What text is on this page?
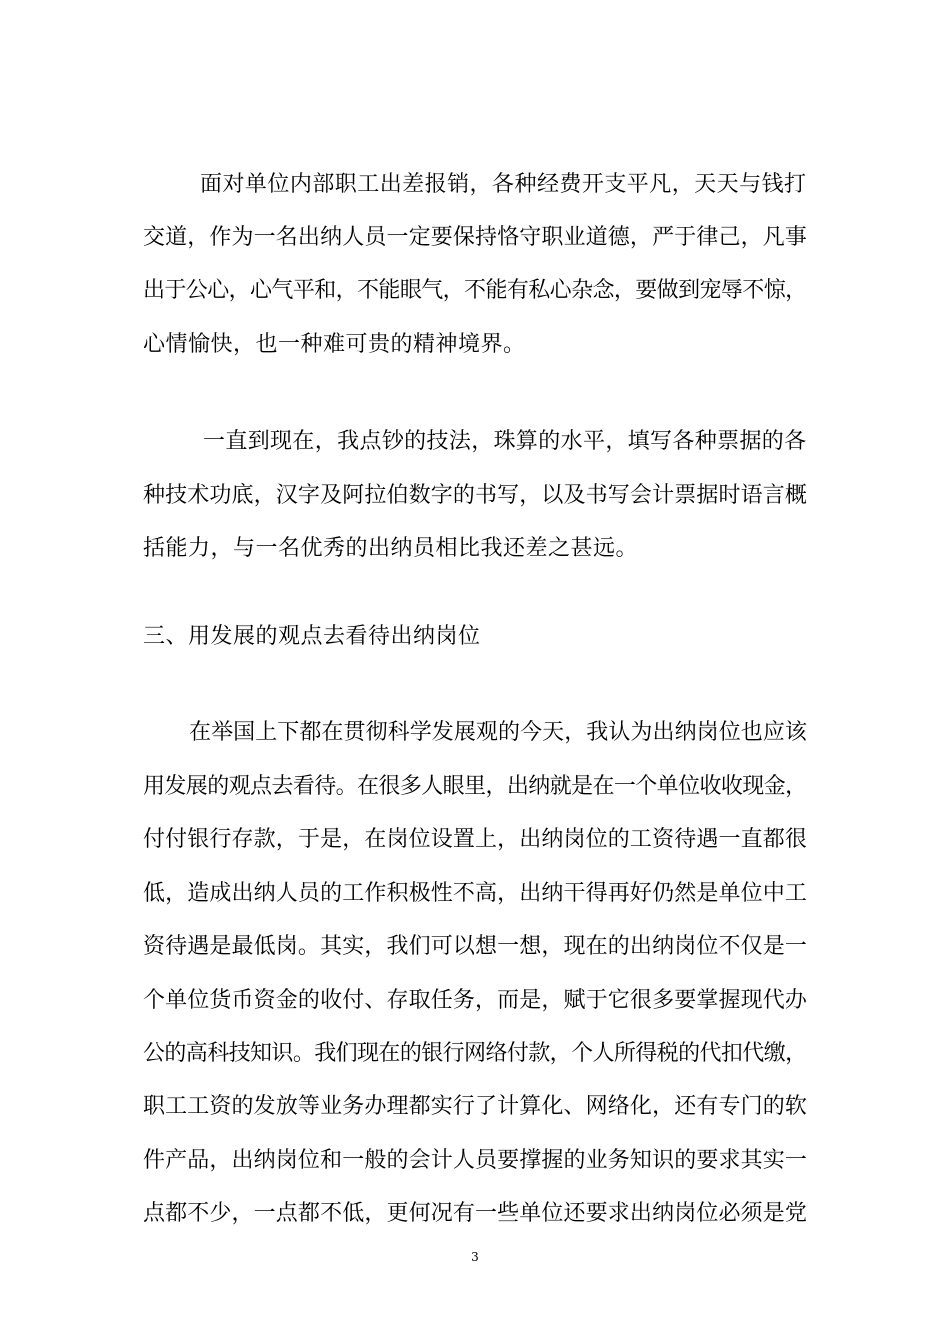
面对单位内部职工出差报销，各种经费开支平凡，天天与钱打
交道，作为一名出纳人员一定要保持恪守职业道德，严于律己，凡事
出于公心，心气平和，不能眼气，不能有私心杂念，要做到宠辱不惊，
心情愉快，也一种难可贵的精神境界。
一直到现在，我点钞的技法，珠算的水平，填写各种票据的各
种技术功底，汉字及阿拉伯数字的书写，以及书写会计票据时语言概
括能力，与一名优秀的出纳员相比我还差之甚远。
三、用发展的观点去看待出纳岗位
在举国上下都在贯彻科学发展观的今天，我认为出纳岗位也应该
用发展的观点去看待。在很多人眼里，出纳就是在一个单位收收现金，
付付银行存款，于是，在岗位设置上，出纳岗位的工资待遇一直都很
低，造成出纳人员的工作积极性不高，出纳干得再好仍然是单位中工
资待遇是最低岗。其实，我们可以想一想，现在的出纳岗位不仅是一
个单位货币资金的收付、存取任务，而是，赋于它很多要掌握现代办
公的高科技知识。我们现在的银行网络付款，个人所得税的代扣代缴，
职工工资的发放等业务办理都实行了计算化、网络化，还有专门的软
件产品，出纳岗位和一般的会计人员要撑握的业务知识的要求其实一
点都不少，一点都不低，更何况有一些单位还要求出纳岗位必须是党
3
